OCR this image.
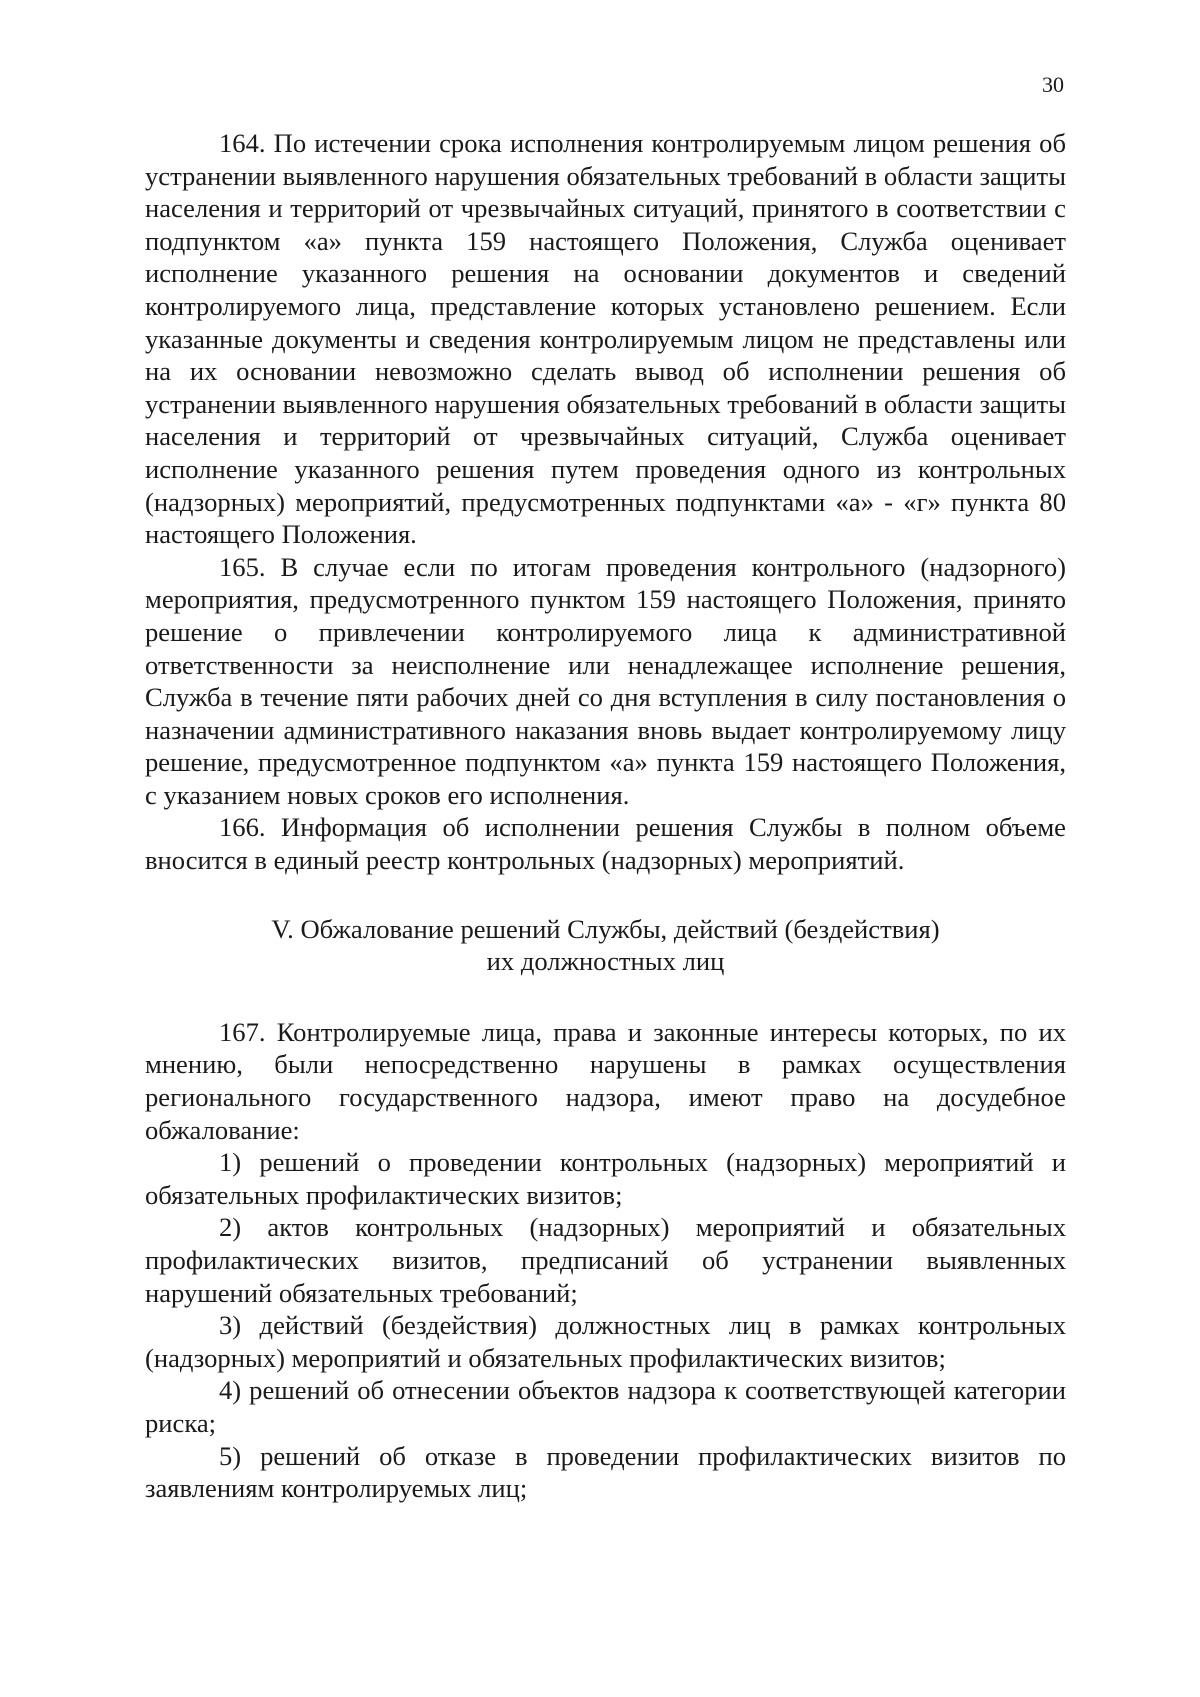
30

164. По истечении срока исполнения контролируемым лицом решения об устранении выявленного нарушения обязательных требований в области защиты населения и территорий от чрезвычайных ситуаций, принятого в соответствии с подпунктом «а» пункта 159 настоящего Положения, Служба оценивает исполнение указанного решения на основании документов и сведений контролируемого лица, представление которых установлено решением. Если указанные документы и сведения контролируемым лицом не представлены или на их основании невозможно сделать вывод об исполнении решения об устранении выявленного нарушения обязательных требований в области защиты населения и территорий от чрезвычайных ситуаций, Служба оценивает исполнение указанного решения путем проведения одного из контрольных (надзорных) мероприятий, предусмотренных подпунктами «а» - «г» пункта 80 настоящего Положения.

165. В случае если по итогам проведения контрольного (надзорного) мероприятия, предусмотренного пунктом 159 настоящего Положения, принято решение о привлечении контролируемого лица к административной ответственности за неисполнение или ненадлежащее исполнение решения, Служба в течение пяти рабочих дней со дня вступления в силу постановления о назначении административного наказания вновь выдает контролируемому лицу решение, предусмотренное подпунктом «а» пункта 159 настоящего Положения, с указанием новых сроков его исполнения.

166. Информация об исполнении решения Службы в полном объеме вносится в единый реестр контрольных (надзорных) мероприятий.

V. Обжалование решений Службы, действий (бездействия)
их должностных лиц

167. Контролируемые лица, права и законные интересы которых, по их мнению, были непосредственно нарушены в рамках осуществления регионального государственного надзора, имеют право на досудебное обжалование:

1) решений о проведении контрольных (надзорных) мероприятий и обязательных профилактических визитов;

2) актов контрольных (надзорных) мероприятий и обязательных профилактических визитов, предписаний об устранении выявленных нарушений обязательных требований;

3) действий (бездействия) должностных лиц в рамках контрольных (надзорных) мероприятий и обязательных профилактических визитов;

4) решений об отнесении объектов надзора к соответствующей категории риска;

5) решений об отказе в проведении профилактических визитов по заявлениям контролируемых лиц;
